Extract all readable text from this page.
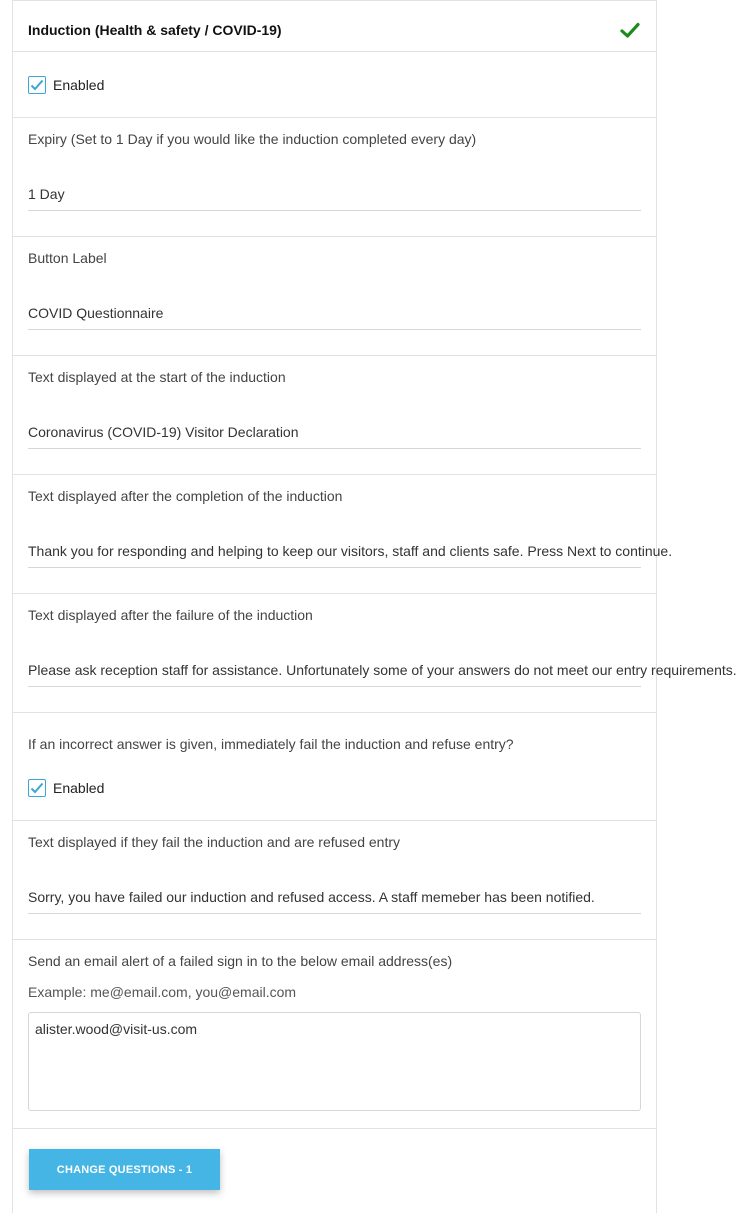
Induction (Health & safety / COVID-19)
Enabled
Expiry (Set to 1 Day if you would like the induction completed every day)
1 Day
Button Label
COVID Questionnaire
Text displayed at the start of the induction
Coronavirus (COVID-19) Visitor Declaration
Text displayed after the completion of the induction
Thank you for responding and helping to keep our visitors, staff and clients safe. Press Next to continue.
Text displayed after the failure of the induction
Please ask reception staff for assistance. Unfortunately some of your answers do not meet our entry requirements.
If an incorrect answer is given, immediately fail the induction and refuse entry?
Enabled
Text displayed if they fail the induction and are refused entry
Sorry, you have failed our induction and refused access. A staff memeber has been notified.
Send an email alert of a failed sign in to the below email address(es)
Example: me@email.com, you@email.com
alister.wood@visit-us.com
CHANGE QUESTIONS - 1
